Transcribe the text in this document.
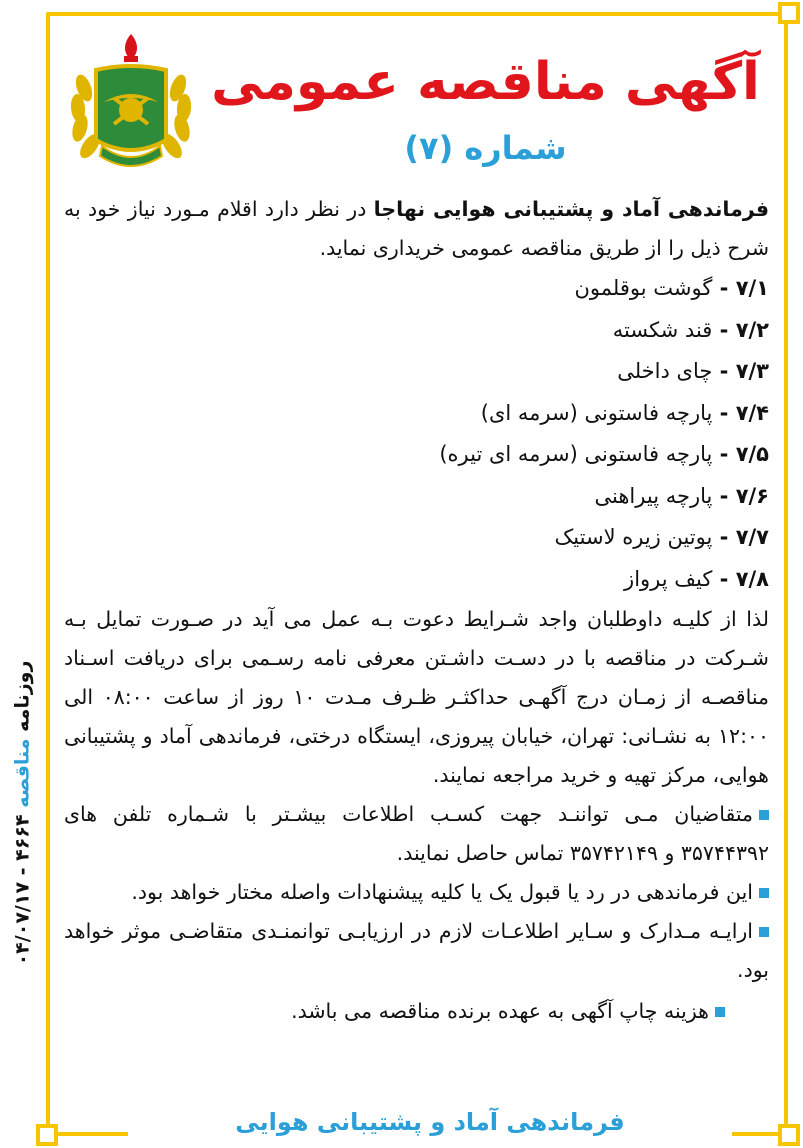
آگهی مناقصه عمومی
شماره (۷)

فرماندهی آماد و پشتیبانی هوایی نهاجا در نظر دارد اقلام مـورد نیاز خود به شرح ذیل را از طریق مناقصه عمومی خریداری نماید.

۷/۱ - گوشت بوقلمون

۷/۲ - قند شکسته

۷/۳ - چای داخلی

۷/۴ - پارچه فاستونی (سرمه ای)

۷/۵ - پارچه فاستونی (سرمه ای تیره)

۷/۶ - پارچه پیراهنی

۷/۷ - پوتین زیره لاستیک

۷/۸ - کیف پرواز

لذا از کلیـه داوطلبان واجد شـرایط دعوت بـه عمل می آید در صـورت تمایل بـه شـرکت در مناقصه با در دسـت داشـتن معرفی نامه رسـمی برای دریافت اسـناد مناقصـه از زمـان درج آگهـی حداکثـر ظـرف مـدت ۱۰ روز از ساعت ۰۸:۰۰ الی ۱۲:۰۰ به نشـانی: تهران، خیابان پیروزی، ایستگاه درختی، فرماندهی آماد و پشتیبانی هوایی، مرکز تهیه و خرید مراجعه نمایند.

متقاضیان مـی تواننـد جهت کسـب اطلاعات بیشـتر با شـماره تلفن های ۳۵۷۴۴۳۹۲ و ۳۵۷۴۲۱۴۹ تماس حاصل نمایند.

این فرماندهی در رد یا قبول یک یا کلیه پیشنهادات واصله مختار خواهد بود.

ارایـه مـدارک و سـایر اطلاعـات لازم در ارزیابـی توانمنـدی متقاضـی موثر خواهد بود.

هزینه چاپ آگهی به عهده برنده مناقصه می باشد.

روزنامه مناقصه ۴۶۶۴ - ۰۴/۰۷/۱۷
فرماندهی آماد و پشتیبانی هوایی
